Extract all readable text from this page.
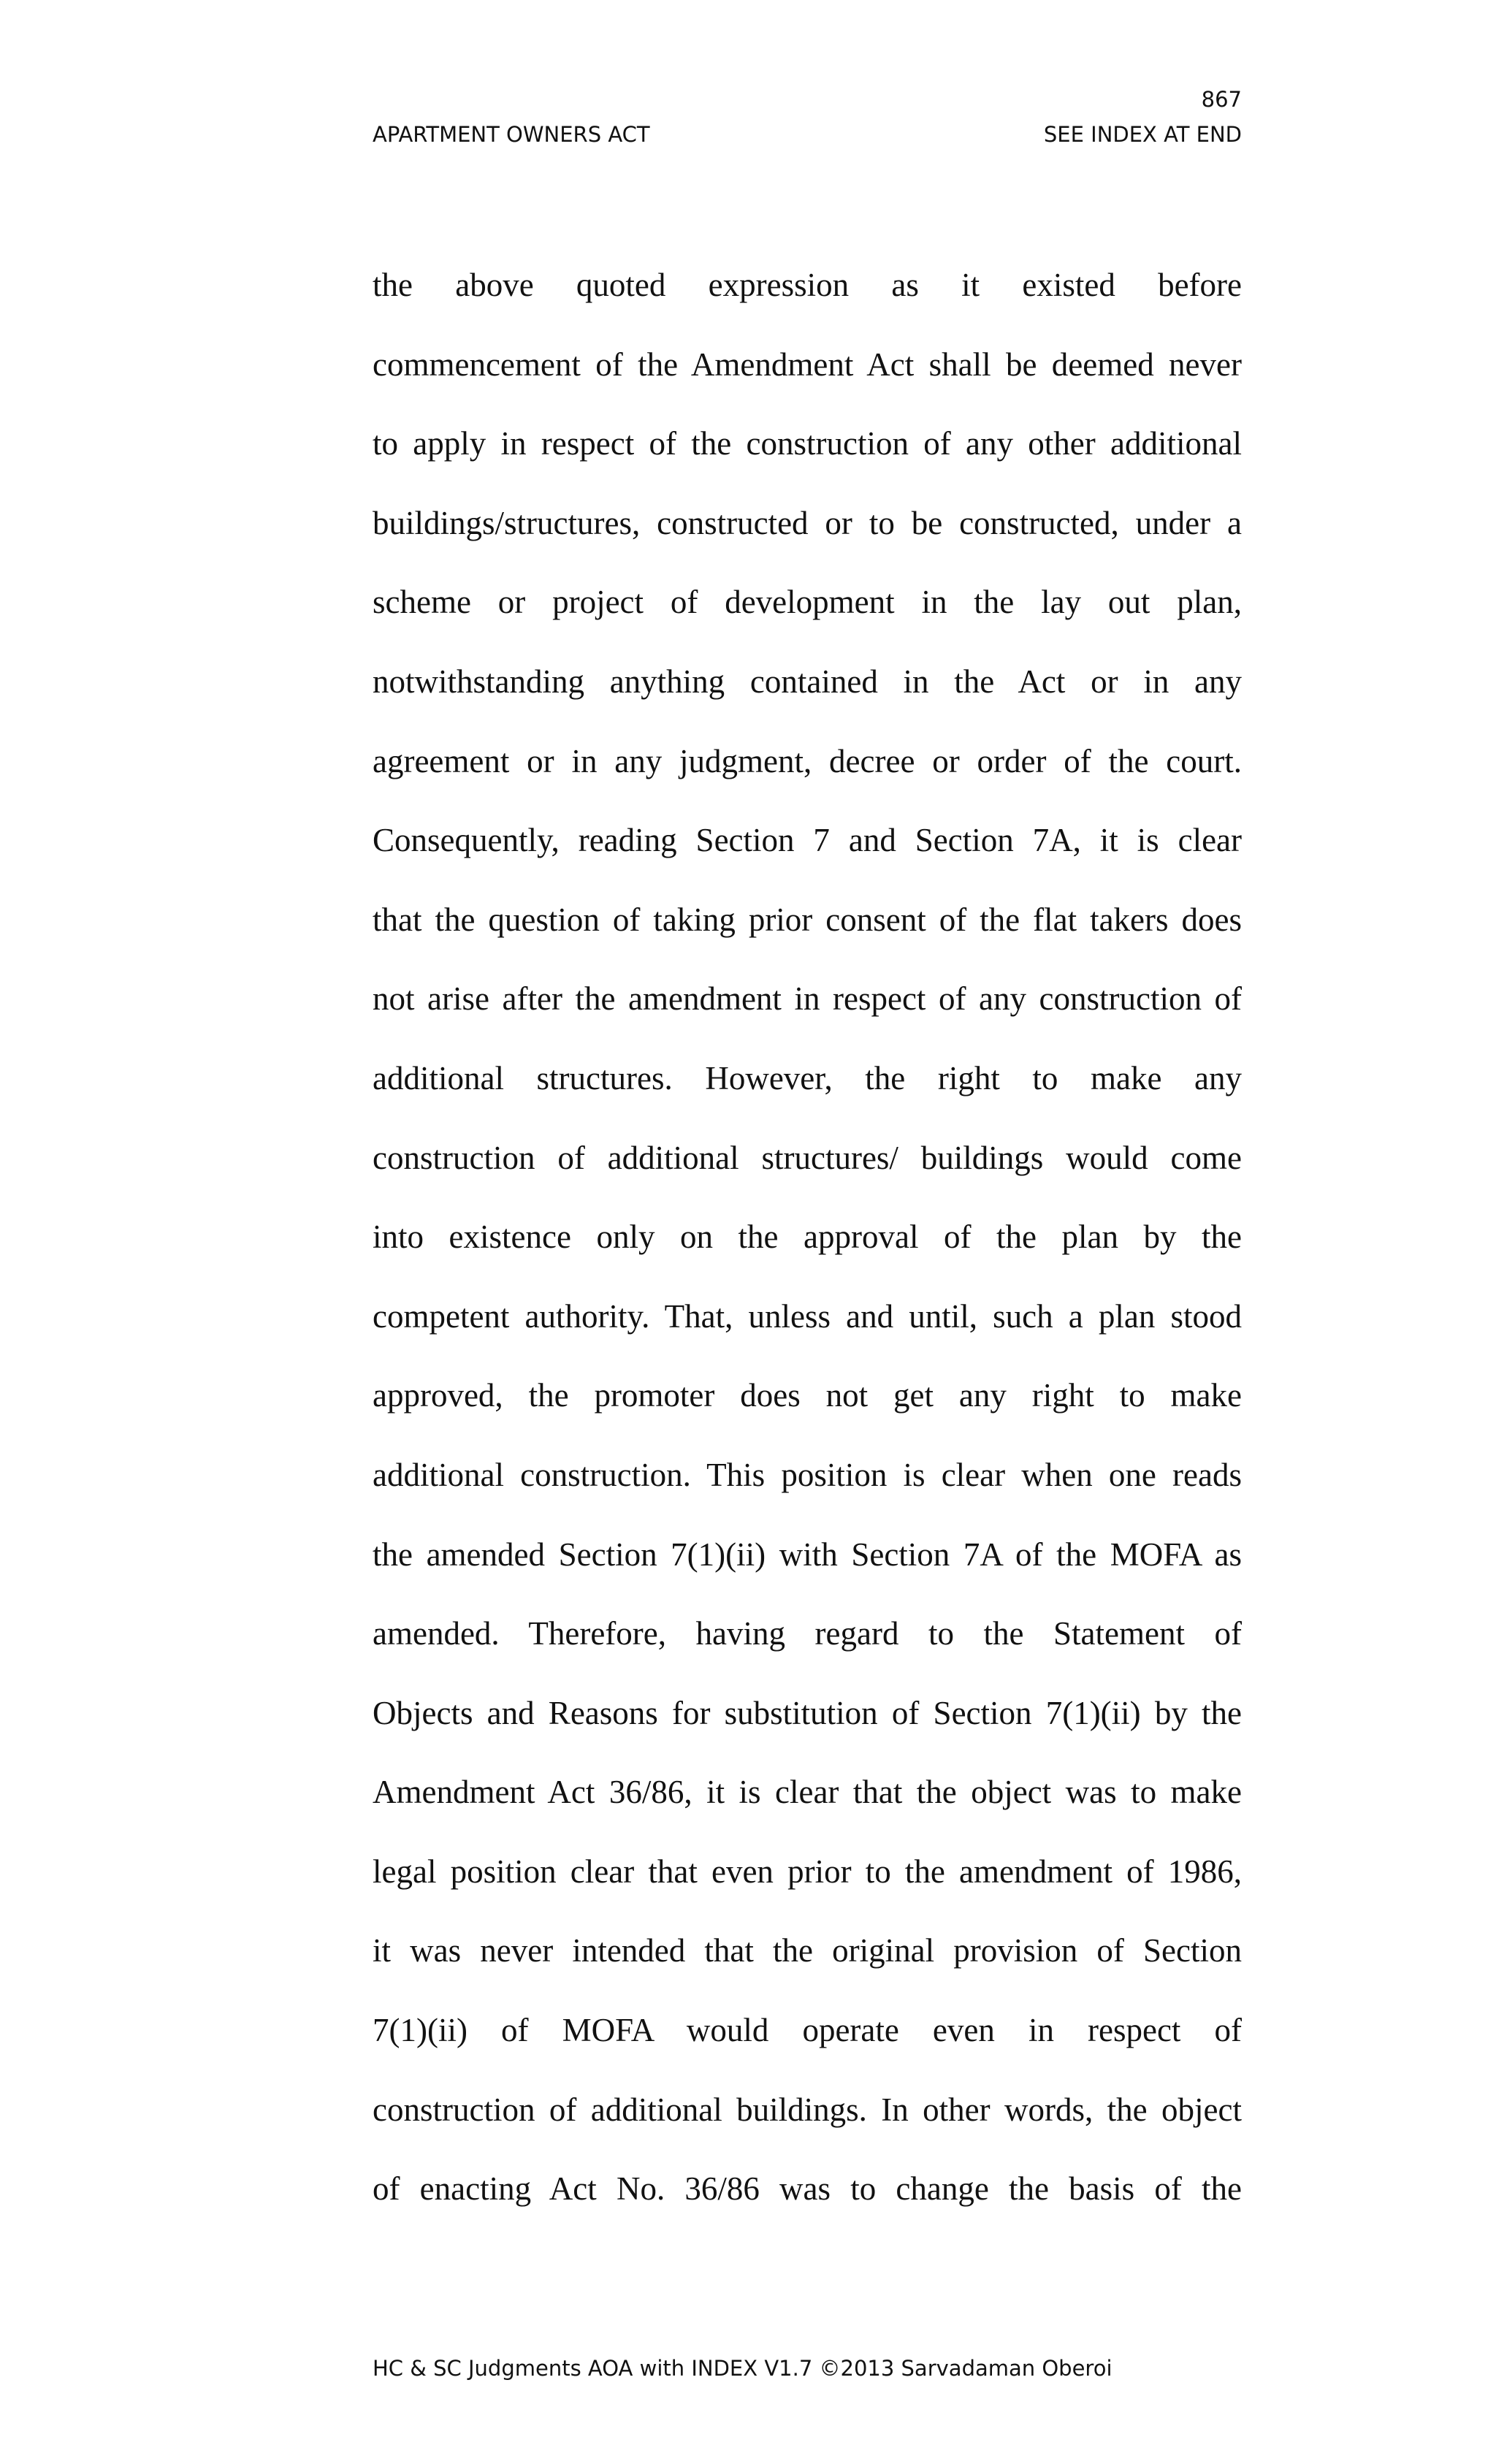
867
APARTMENT OWNERS ACT	SEE INDEX AT END
the above quoted expression as it existed before
commencement of the Amendment Act shall be deemed never
to apply in respect of the construction of any other additional
buildings/structures, constructed or to be constructed, under a
scheme or project of development in the lay out plan,
notwithstanding anything contained in the Act or in any
agreement or in any judgment, decree or order of the court.
Consequently, reading Section 7 and Section 7A, it is clear
that the question of taking prior consent of the flat takers does
not arise after the amendment in respect of any construction of
additional structures. However, the right to make any
construction of additional structures/ buildings would come
into existence only on the approval of the plan by the
competent authority. That, unless and until, such a plan stood
approved, the promoter does not get any right to make
additional construction. This position is clear when one reads
the amended Section 7(1)(ii) with Section 7A of the MOFA as
amended. Therefore, having regard to the Statement of
Objects and Reasons for substitution of Section 7(1)(ii) by the
Amendment Act 36/86, it is clear that the object was to make
legal position clear that even prior to the amendment of 1986,
it was never intended that the original provision of Section
7(1)(ii) of MOFA would operate even in respect of
construction of additional buildings. In other words, the object
of enacting Act No. 36/86 was to change the basis of the
HC & SC Judgments AOA with INDEX V1.7 ©2013 Sarvadaman Oberoi
